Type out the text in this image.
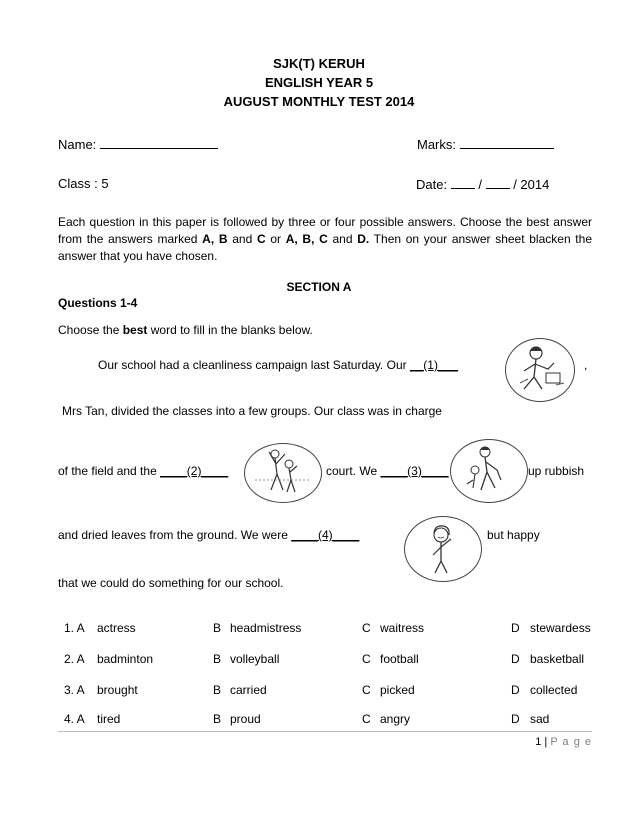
SJK(T) KERUH
ENGLISH YEAR 5
AUGUST MONTHLY TEST 2014
Name:	Marks:
Class : 5	Date: / / 2014
Each question in this paper is followed by three or four possible answers. Choose the best answer from the answers marked A, B and C or A, B, C and D. Then on your answer sheet blacken the answer that you have chosen.
SECTION A
Questions 1-4
Choose the best word to fill in the blanks below.
Our school had a cleanliness campaign last Saturday. Our __(1)___	,
Mrs Tan, divided the classes into a few groups. Our class was in charge
of the field and the ____(2)____	court. We ____(3)____	up rubbish
and dried leaves from the ground. We were ____(4)____	but happy
that we could do something for our school.
1. A actress	B headmistress	C waitress	D stewardess
2. A badminton	B volleyball	C football	D basketball
3. A brought	B carried	C picked	D collected
4. A tired	B proud	C angry	D sad
1 | P a g e
